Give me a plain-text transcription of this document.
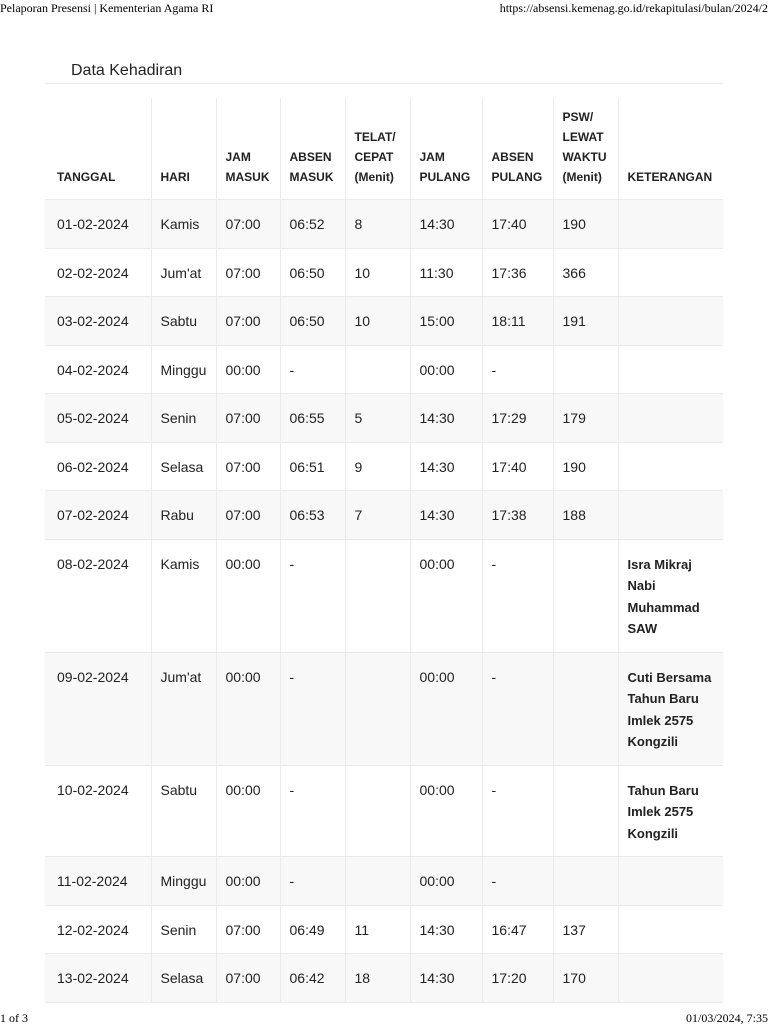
Pelaporan Presensi | Kementerian Agama RI	https://absensi.kemenag.go.id/rekapitulasi/bulan/2024/2
Data Kehadiran
TANGGAL	HARI	JAM MASUK	ABSEN MASUK	TELAT/ CEPAT (Menit)	JAM PULANG	ABSEN PULANG	PSW/ LEWAT WAKTU (Menit)	KETERANGAN
01-02-2024	Kamis	07:00	06:52	8	14:30	17:40	190	
02-02-2024	Jum'at	07:00	06:50	10	11:30	17:36	366	
03-02-2024	Sabtu	07:00	06:50	10	15:00	18:11	191	
04-02-2024	Minggu	00:00	-		00:00	-		
05-02-2024	Senin	07:00	06:55	5	14:30	17:29	179	
06-02-2024	Selasa	07:00	06:51	9	14:30	17:40	190	
07-02-2024	Rabu	07:00	06:53	7	14:30	17:38	188	
08-02-2024	Kamis	00:00	-		00:00	-		Isra Mikraj Nabi Muhammad SAW
09-02-2024	Jum'at	00:00	-		00:00	-		Cuti Bersama Tahun Baru Imlek 2575 Kongzili
10-02-2024	Sabtu	00:00	-		00:00	-		Tahun Baru Imlek 2575 Kongzili
11-02-2024	Minggu	00:00	-		00:00	-		
12-02-2024	Senin	07:00	06:49	11	14:30	16:47	137	
13-02-2024	Selasa	07:00	06:42	18	14:30	17:20	170	
1 of 3	01/03/2024, 7:35
